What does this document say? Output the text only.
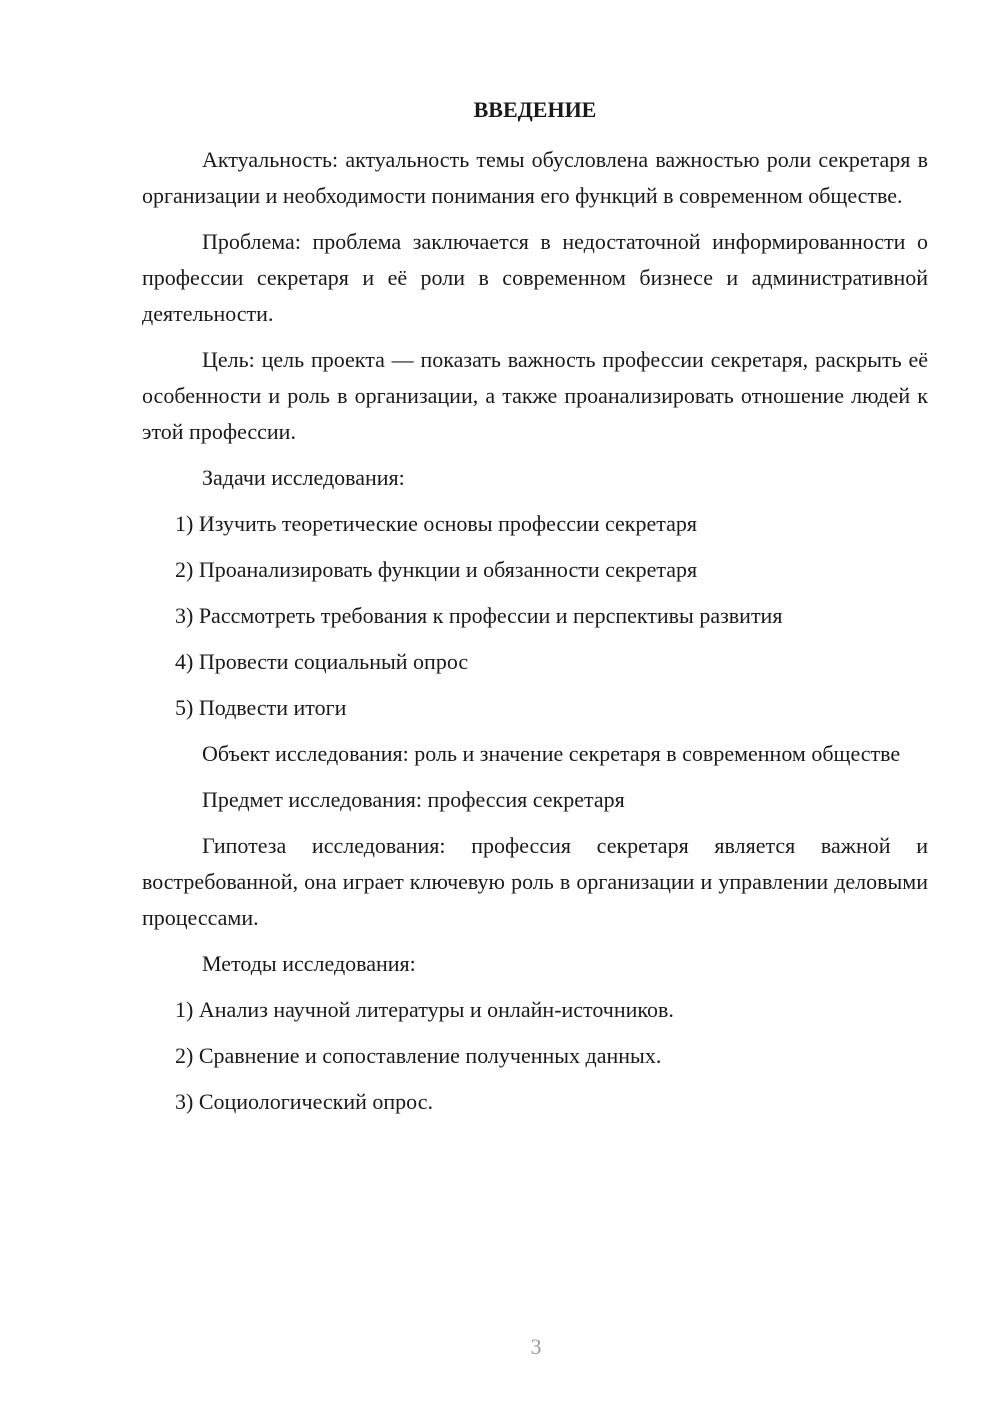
ВВЕДЕНИЕ

Актуальность: актуальность темы обусловлена важностью роли секретаря в организации и необходимости понимания его функций в современном обществе.

Проблема: проблема заключается в недостаточной информированности о профессии секретаря и её роли в современном бизнесе и административной деятельности.

Цель: цель проекта — показать важность профессии секретаря, раскрыть её особенности и роль в организации, а также проанализировать отношение людей к этой профессии.

Задачи исследования:

1) Изучить теоретические основы профессии секретаря

2) Проанализировать функции и обязанности секретаря

3) Рассмотреть требования к профессии и перспективы развития

4) Провести социальный опрос

5) Подвести итоги

Объект исследования: роль и значение секретаря в современном обществе

Предмет исследования: профессия секретаря

Гипотеза исследования: профессия секретаря является важной и востребованной, она играет ключевую роль в организации и управлении деловыми процессами.

Методы исследования:

1) Анализ научной литературы и онлайн-источников.

2) Сравнение и сопоставление полученных данных.

3) Социологический опрос.

3
